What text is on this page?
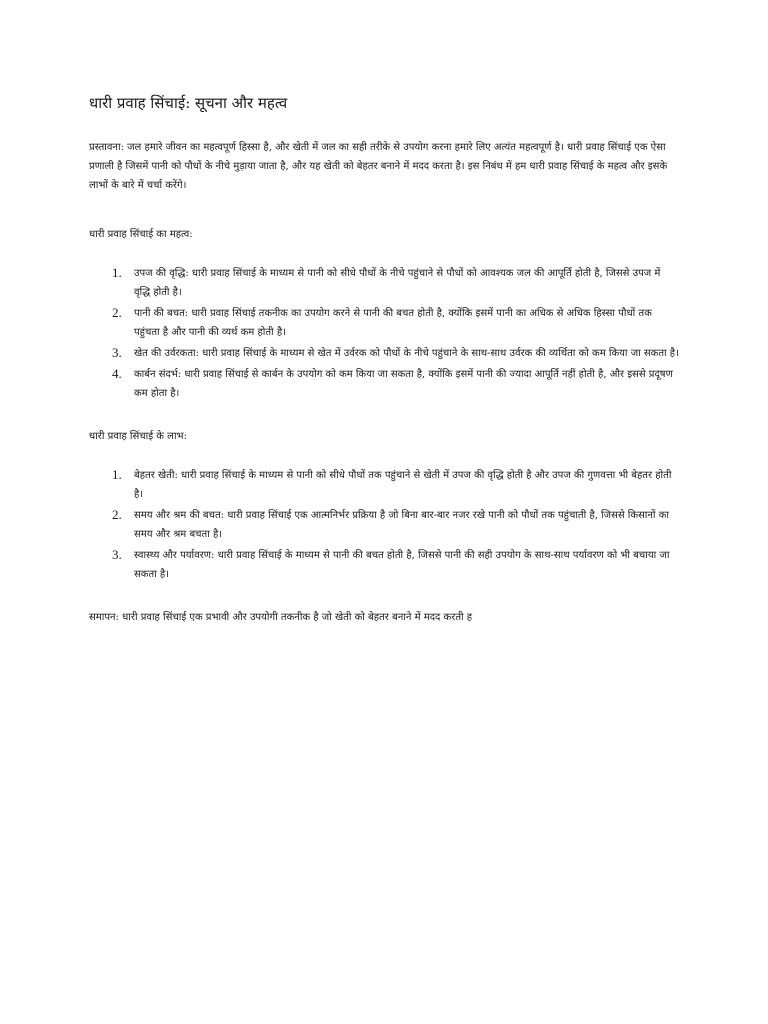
धारी प्रवाह सिंचाई: सूचना और महत्व

प्रस्तावना: जल हमारे जीवन का महत्वपूर्ण हिस्सा है, और खेती में जल का सही तरीके से उपयोग करना हमारे लिए अत्यंत महत्वपूर्ण है। धारी प्रवाह सिंचाई एक ऐसा प्रणाली है जिसमें पानी को पौधों के नीचे मुड़ाया जाता है, और यह खेती को बेहतर बनाने में मदद करता है। इस निबंध में हम धारी प्रवाह सिंचाई के महत्व और इसके लाभों के बारे में चर्चा करेंगे।

धारी प्रवाह सिंचाई का महत्व:

1. उपज की वृद्धि: धारी प्रवाह सिंचाई के माध्यम से पानी को सीधे पौधों के नीचे पहुंचाने से पौधों को आवश्यक जल की आपूर्ति होती है, जिससे उपज में वृद्धि होती है।
2. पानी की बचत: धारी प्रवाह सिंचाई तकनीक का उपयोग करने से पानी की बचत होती है, क्योंकि इसमें पानी का अधिक से अधिक हिस्सा पौधों तक पहुंचता है और पानी की व्यर्थ कम होती है।
3. खेत की उर्वरकता: धारी प्रवाह सिंचाई के माध्यम से खेत में उर्वरक को पौधों के नीचे पहुंचाने के साथ-साथ उर्वरक की व्यर्थिता को कम किया जा सकता है।
4. कार्बन संदर्भ: धारी प्रवाह सिंचाई से कार्बन के उपयोग को कम किया जा सकता है, क्योंकि इसमें पानी की ज्यादा आपूर्ति नहीं होती है, और इससे प्रदूषण कम होता है।

धारी प्रवाह सिंचाई के लाभ:

1. बेहतर खेती: धारी प्रवाह सिंचाई के माध्यम से पानी को सीधे पौधों तक पहुंचाने से खेती में उपज की वृद्धि होती है और उपज की गुणवत्ता भी बेहतर होती है।
2. समय और श्रम की बचत: धारी प्रवाह सिंचाई एक आत्मनिर्भर प्रक्रिया है जो बिना बार-बार नजर रखे पानी को पौधों तक पहुंचाती है, जिससे किसानों का समय और श्रम बचता है।
3. स्वास्थ्य और पर्यावरण: धारी प्रवाह सिंचाई के माध्यम से पानी की बचत होती है, जिससे पानी की सही उपयोग के साथ-साथ पर्यावरण को भी बचाया जा सकता है।

समापन: धारी प्रवाह सिंचाई एक प्रभावी और उपयोगी तकनीक है जो खेती को बेहतर बनाने में मदद करती ह
